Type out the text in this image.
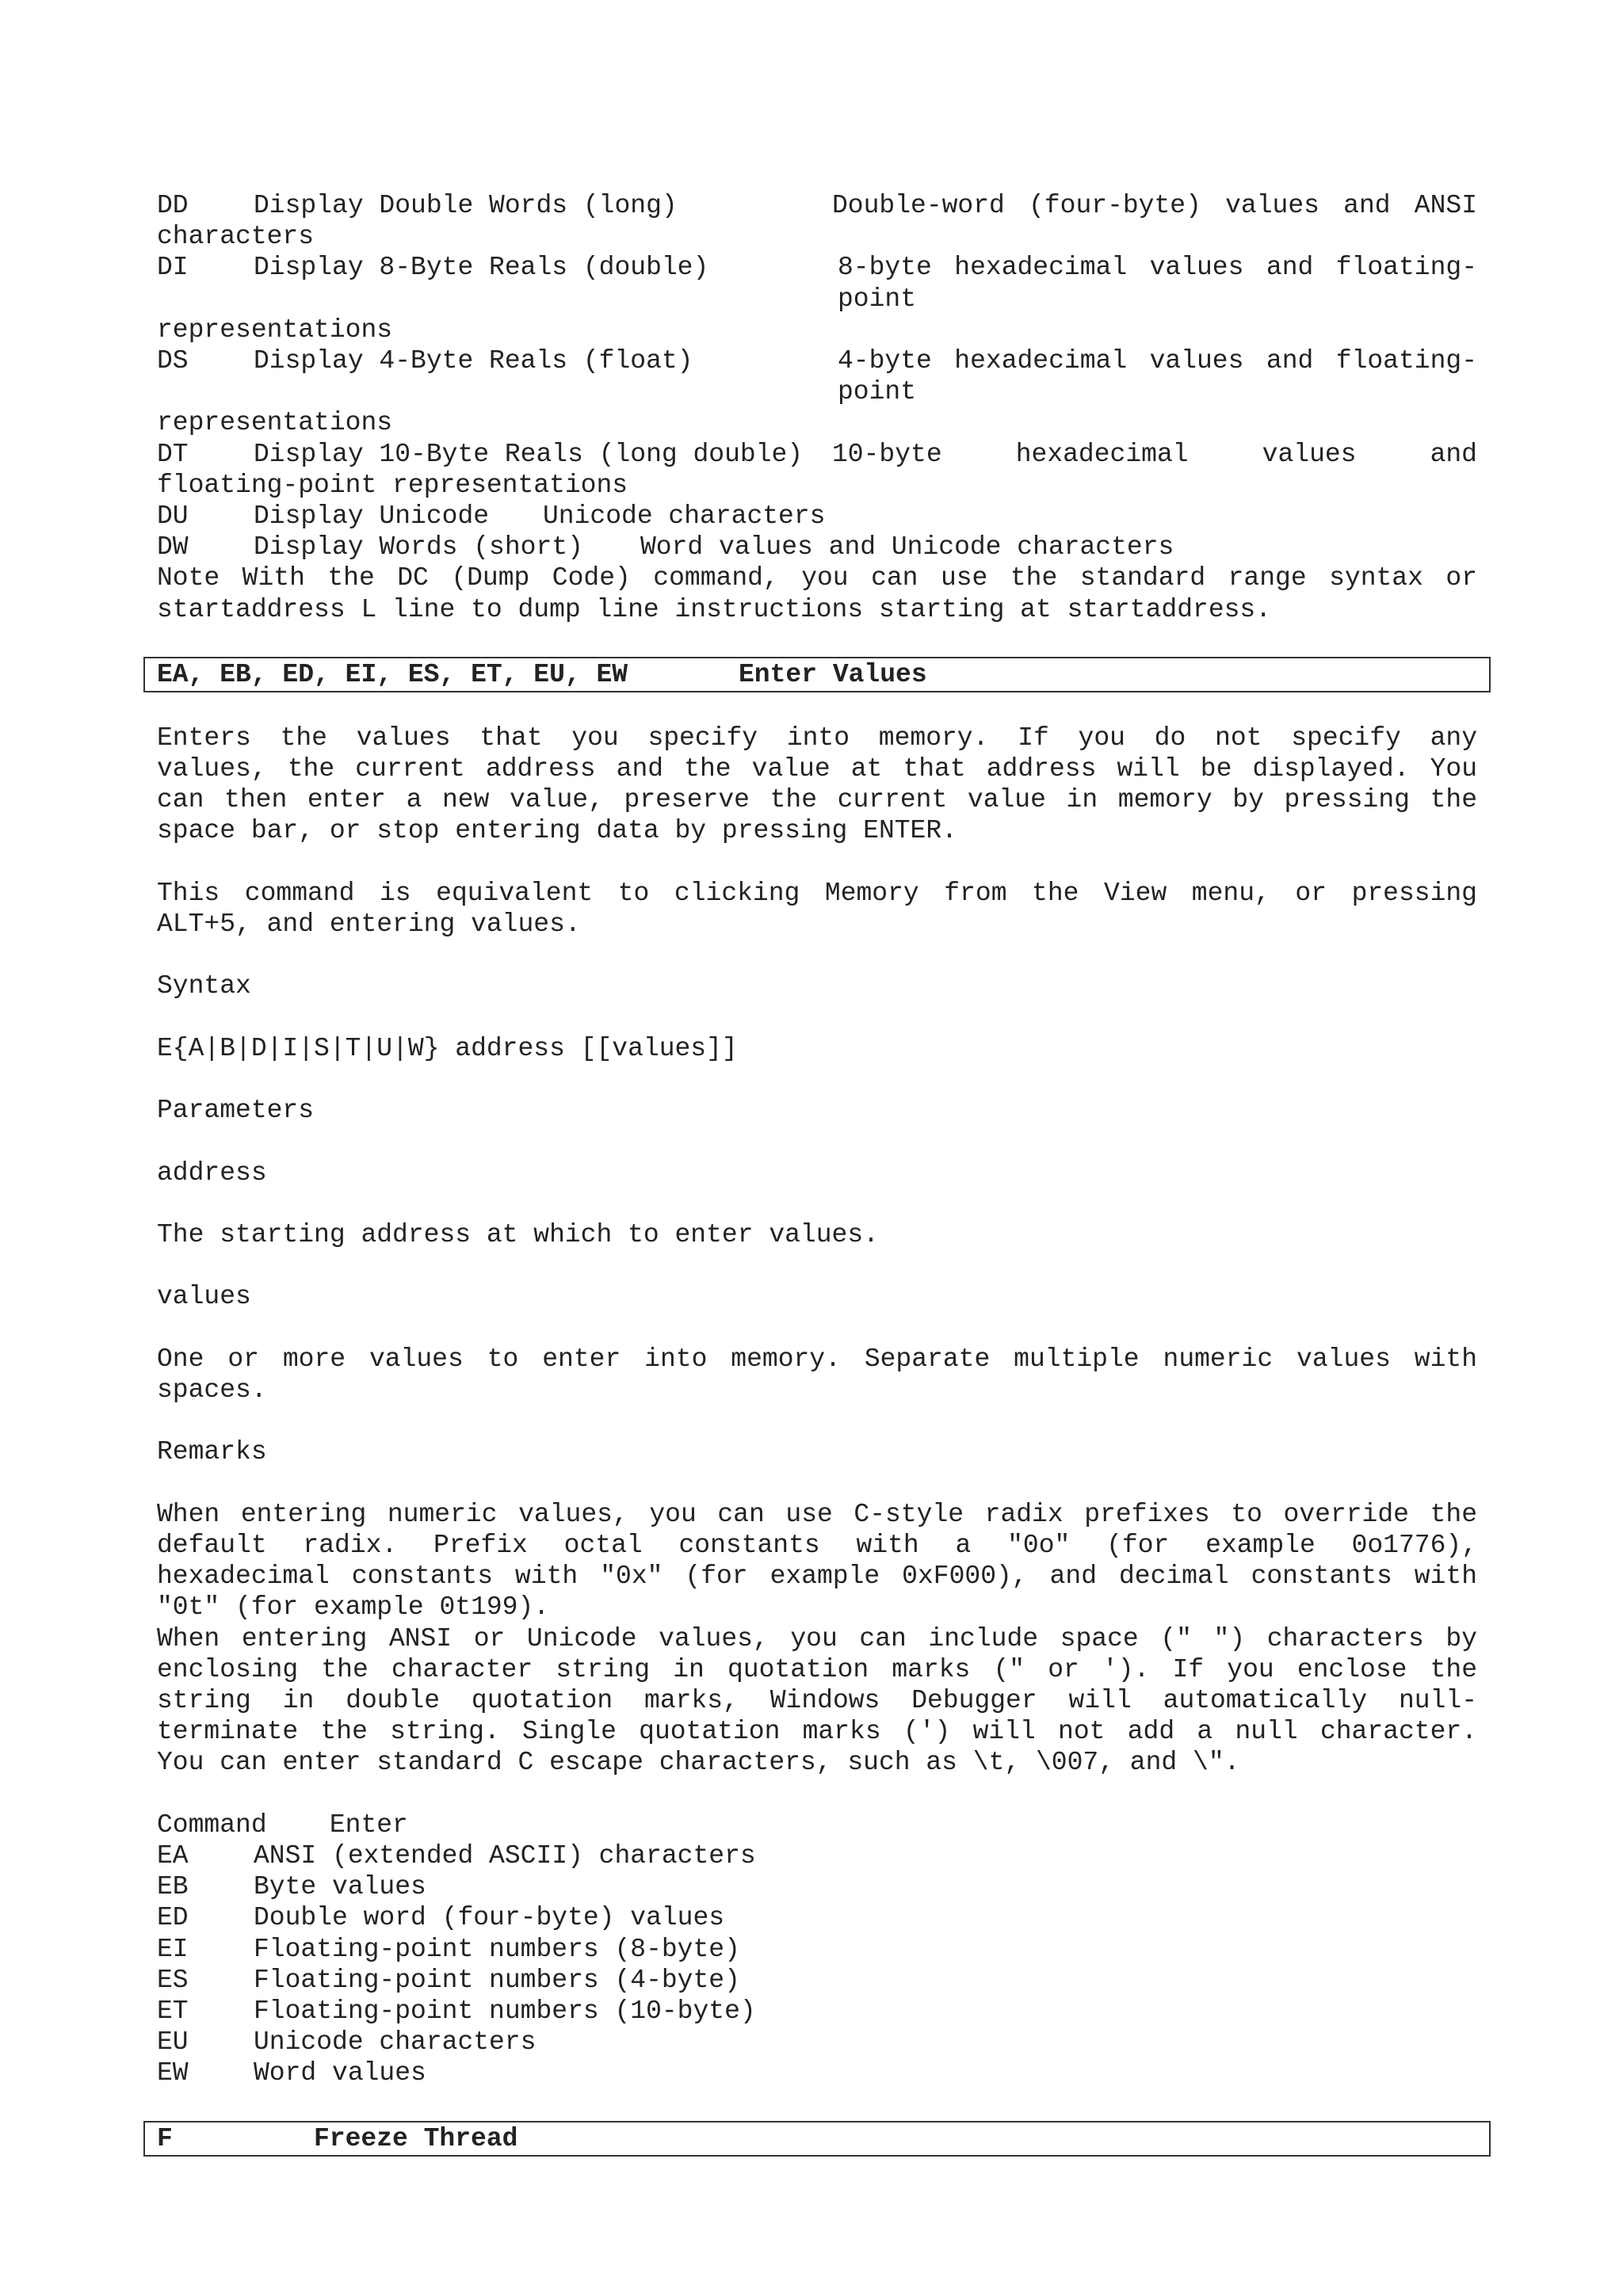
DD	Display Double Words (long)	Double-word (four-byte) values and ANSI
characters
DI	Display 8-Byte Reals (double)	8-byte hexadecimal values and floating-point
representations
DS	Display 4-Byte Reals (float)	4-byte hexadecimal values and floating-point
representations
DT	Display 10-Byte Reals (long double)	10-byte hexadecimal values and
floating-point representations
DU	Display Unicode	Unicode characters
DW	Display Words (short)	Word values and Unicode characters
Note With the DC (Dump Code) command, you can use the standard range syntax or
startaddress L line to dump line instructions starting at startaddress.
EA, EB, ED, EI, ES, ET, EU, EW	Enter Values
Enters the values that you specify into memory. If you do not specify any
values, the current address and the value at that address will be displayed. You
can then enter a new value, preserve the current value in memory by pressing the
space bar, or stop entering data by pressing ENTER.
This command is equivalent to clicking Memory from the View menu, or pressing
ALT+5, and entering values.
Syntax
E{A|B|D|I|S|T|U|W} address [[values]]
Parameters
address
The starting address at which to enter values.
values
One or more values to enter into memory. Separate multiple numeric values with
spaces.
Remarks
When entering numeric values, you can use C-style radix prefixes to override the
default radix. Prefix octal constants with a "0o" (for example 0o1776),
hexadecimal constants with "0x" (for example 0xF000), and decimal constants with
"0t" (for example 0t199).
When entering ANSI or Unicode values, you can include space (" ") characters by
enclosing the character string in quotation marks (" or '). If you enclose the
string in double quotation marks, Windows Debugger will automatically null-
terminate the string. Single quotation marks (') will not add a null character.
You can enter standard C escape characters, such as \t, \007, and \".
Command    Enter
EA	ANSI (extended ASCII) characters
EB	Byte values
ED	Double word (four-byte) values
EI	Floating-point numbers (8-byte)
ES	Floating-point numbers (4-byte)
ET	Floating-point numbers (10-byte)
EU	Unicode characters
EW	Word values
F	Freeze Thread
